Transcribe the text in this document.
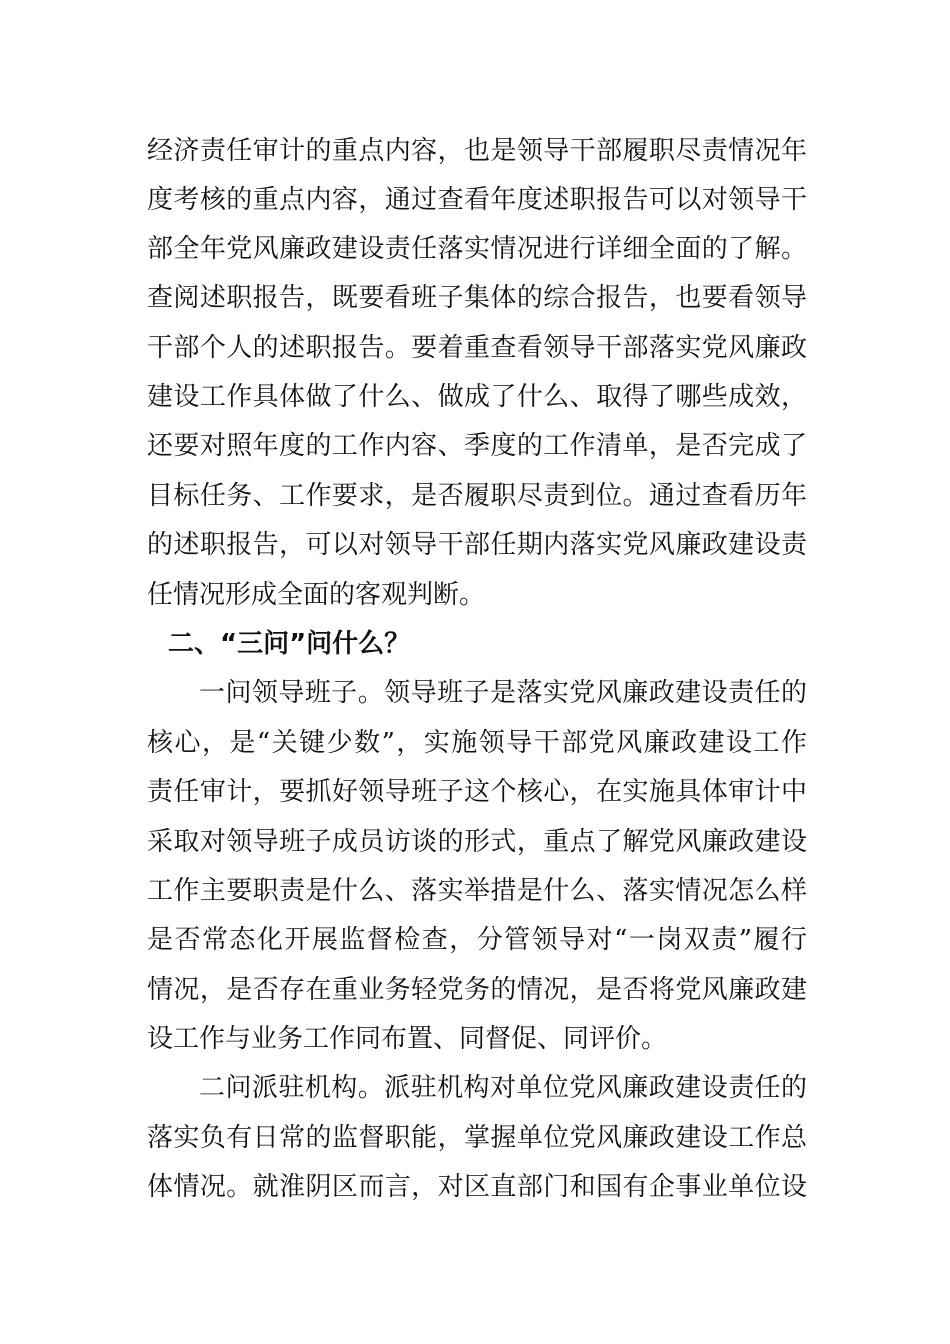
经济责任审计的重点内容，也是领导干部履职尽责情况年
度考核的重点内容，通过查看年度述职报告可以对领导干
部全年党风廉政建设责任落实情况进行详细全面的了解。
查阅述职报告，既要看班子集体的综合报告，也要看领导
干部个人的述职报告。要着重查看领导干部落实党风廉政
建设工作具体做了什么、做成了什么、取得了哪些成效，
还要对照年度的工作内容、季度的工作清单，是否完成了
目标任务、工作要求，是否履职尽责到位。通过查看历年
的述职报告，可以对领导干部任期内落实党风廉政建设责
任情况形成全面的客观判断。
二、“三问”问什么？
一问领导班子。领导班子是落实党风廉政建设责任的
核心，是“关键少数”，实施领导干部党风廉政建设工作
责任审计，要抓好领导班子这个核心，在实施具体审计中
采取对领导班子成员访谈的形式，重点了解党风廉政建设
工作主要职责是什么、落实举措是什么、落实情况怎么样
是否常态化开展监督检查，分管领导对“一岗双责”履行
情况，是否存在重业务轻党务的情况，是否将党风廉政建
设工作与业务工作同布置、同督促、同评价。
二问派驻机构。派驻机构对单位党风廉政建设责任的
落实负有日常的监督职能，掌握单位党风廉政建设工作总
体情况。就淮阴区而言，对区直部门和国有企事业单位设
